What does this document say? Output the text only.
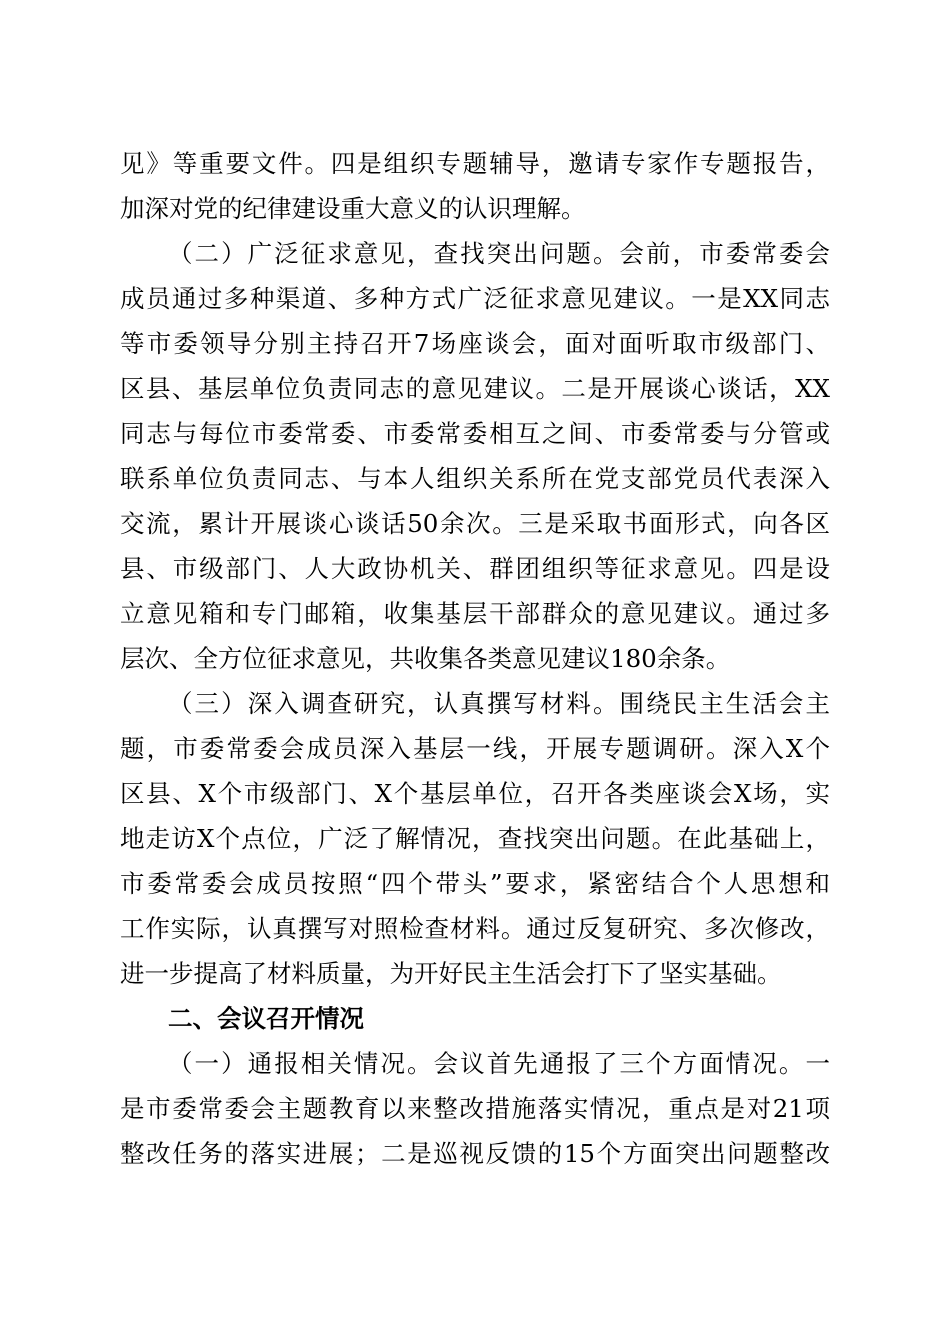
见》等重要文件。四是组织专题辅导，邀请专家作专题报告，
加深对党的纪律建设重大意义的认识理解。
（二）广泛征求意见，查找突出问题。会前，市委常委会
成员通过多种渠道、多种方式广泛征求意见建议。一是XX同志
等市委领导分别主持召开7场座谈会，面对面听取市级部门、
区县、基层单位负责同志的意见建议。二是开展谈心谈话，XX
同志与每位市委常委、市委常委相互之间、市委常委与分管或
联系单位负责同志、与本人组织关系所在党支部党员代表深入
交流，累计开展谈心谈话50余次。三是采取书面形式，向各区
县、市级部门、人大政协机关、群团组织等征求意见。四是设
立意见箱和专门邮箱，收集基层干部群众的意见建议。通过多
层次、全方位征求意见，共收集各类意见建议180余条。
（三）深入调查研究，认真撰写材料。围绕民主生活会主
题，市委常委会成员深入基层一线，开展专题调研。深入X个
区县、X个市级部门、X个基层单位，召开各类座谈会X场，实
地走访X个点位，广泛了解情况，查找突出问题。在此基础上，
市委常委会成员按照“四个带头”要求，紧密结合个人思想和
工作实际，认真撰写对照检查材料。通过反复研究、多次修改，
进一步提高了材料质量，为开好民主生活会打下了坚实基础。
二、会议召开情况
（一）通报相关情况。会议首先通报了三个方面情况。一
是市委常委会主题教育以来整改措施落实情况，重点是对21项
整改任务的落实进展；二是巡视反馈的15个方面突出问题整改
